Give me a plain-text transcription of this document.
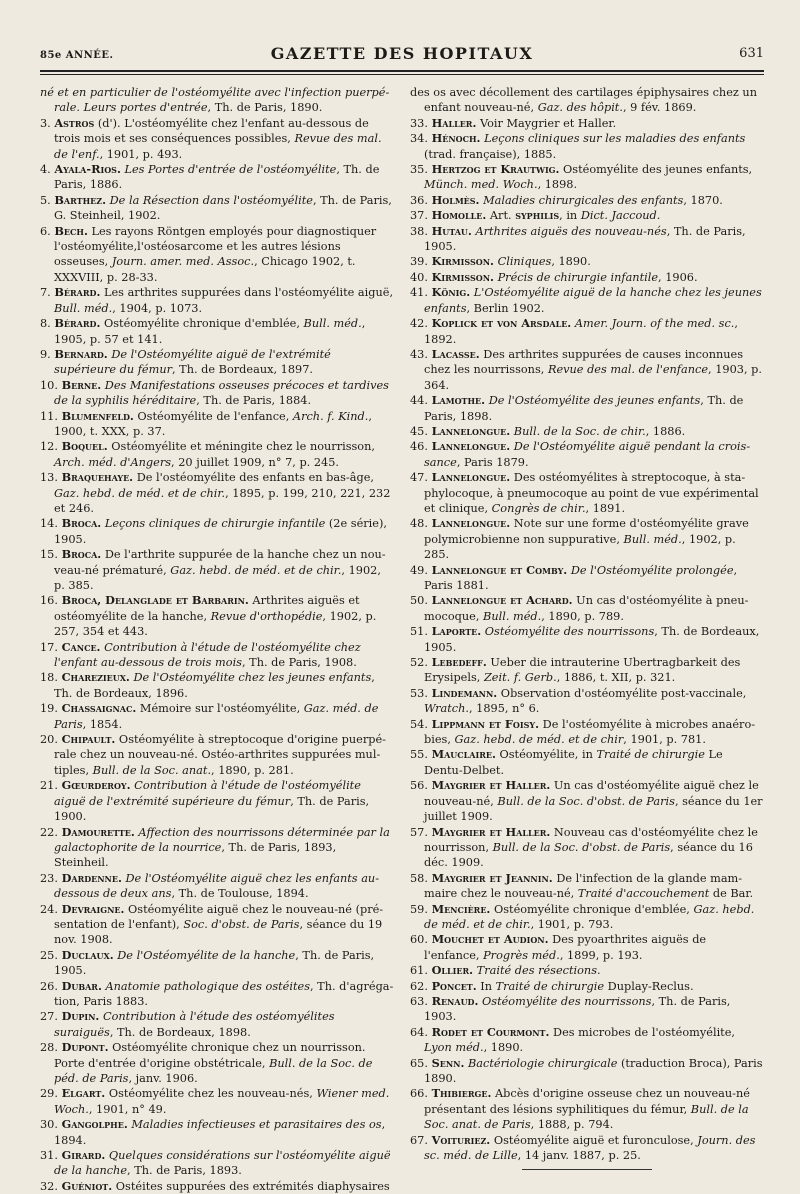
85e ANNÉE.	GAZETTE DES HOPITAUX	631

né et en particulier de l'ostéomyélite avec l'infection puerpé-rale. Leurs portes d'entrée, Th. de Paris, 1890.

3. Astros (d'). L'ostéomyélite chez l'enfant au-dessous de trois mois et ses conséquences possibles, Revue des mal. de l'enf., 1901, p. 493.

4. Ayala-Rios. Les Portes d'entrée de l'ostéomyélite, Th. de Paris, 1886.

5. Barthez. De la Résection dans l'ostéomyélite, Th. de Paris, G. Steinheil, 1902.

6. Bech. Les rayons Röntgen employés pour diagnostiquer l'ostéomyélite,l'ostéosarcome et les autres lésions osseuses, Journ. amer. med. Assoc., Chicago 1902, t. XXXVIII, p. 28-33.

7. Bérard. Les arthrites suppurées dans l'ostéomyélite aiguë, Bull. méd., 1904, p. 1073.

8. Bérard. Ostéomyélite chronique d'emblée, Bull. méd., 1905, p. 57 et 141.

9. Bernard. De l'Ostéomyélite aiguë de l'extrémité supérieure du fémur, Th. de Bordeaux, 1897.

10. Berne. Des Manifestations osseuses précoces et tardives de la syphilis héréditaire, Th. de Paris, 1884.

11. Blumenfeld. Ostéomyélite de l'enfance, Arch. f. Kind., 1900, t. XXX, p. 37.

12. Boquel. Ostéomyélite et méningite chez le nourrisson, Arch. méd. d'Angers, 20 juillet 1909, n° 7, p. 245.

13. Braquehaye. De l'ostéomyélite des enfants en bas-âge, Gaz. hebd. de méd. et de chir., 1895, p. 199, 210, 221, 232 et 246.

14. Broca. Leçons cliniques de chirurgie infantile (2e série), 1905.

15. Broca. De l'arthrite suppurée de la hanche chez un nou-veau-né prématuré, Gaz. hebd. de méd. et de chir., 1902, p. 385.

16. Broca, Delanglade et Barbarin. Arthrites aiguës et ostéomyélite de la hanche, Revue d'orthopédie, 1902, p. 257, 354 et 443.

17. Cance. Contribution à l'étude de l'ostéomyélite chez l'enfant au-dessous de trois mois, Th. de Paris, 1908.

18. Charezieux. De l'Ostéomyélite chez les jeunes enfants, Th. de Bordeaux, 1896.

19. Chassaignac. Mémoire sur l'ostéomyélite, Gaz. méd. de Paris, 1854.

20. Chipault. Ostéomyélite à streptocoque d'origine puerpé-rale chez un nouveau-né. Ostéo-arthrites suppurées mul-tiples, Bull. de la Soc. anat., 1890, p. 281.

21. Gœurderoy. Contribution à l'étude de l'ostéomyélite aiguë de l'extrémité supérieure du fémur, Th. de Paris, 1900.

22. Damourette. Affection des nourrissons déterminée par la galactophorite de la nourrice, Th. de Paris, 1893, Steinheil.

23. Dardenne. De l'Ostéomyélite aiguë chez les enfants au-dessous de deux ans, Th. de Toulouse, 1894.

24. Devraigne. Ostéomyélite aiguë chez le nouveau-né (pré-sentation de l'enfant), Soc. d'obst. de Paris, séance du 19 nov. 1908.

25. Duclaux. De l'Ostéomyélite de la hanche, Th. de Paris, 1905.

26. Dubar. Anatomie pathologique des ostéites, Th. d'agréga-tion, Paris 1883.

27. Dupin. Contribution à l'étude des ostéomyélites suraiguës, Th. de Bordeaux, 1898.

28. Dupont. Ostéomyélite chronique chez un nourrisson. Porte d'entrée d'origine obstétricale, Bull. de la Soc. de péd. de Paris, janv. 1906.

29. Elgart. Ostéomyélite chez les nouveau-nés, Wiener med. Woch., 1901, n° 49.

30. Gangolphe. Maladies infectieuses et parasitaires des os, 1894.

31. Girard. Quelques considérations sur l'ostéomyélite aiguë de la hanche, Th. de Paris, 1893.

32. Guéniot. Ostéites suppurées des extrémités diaphysaires

des os avec décollement des cartilages épiphysaires chez un enfant nouveau-né, Gaz. des hôpit., 9 fév. 1869.

33. Haller. Voir Maygrier et Haller.

34. Hénoch. Leçons cliniques sur les maladies des enfants (trad. française), 1885.

35. Hertzog et Krautwig. Ostéomyélite des jeunes enfants, Münch. med. Woch., 1898.

36. Holmès. Maladies chirurgicales des enfants, 1870.

37. Homolle. Art. syphilis, in Dict. Jaccoud.

38. Hutau. Arthrites aiguës des nouveau-nés, Th. de Paris, 1905.

39. Kirmisson. Cliniques, 1890.

40. Kirmisson. Précis de chirurgie infantile, 1906.

41. König. L'Ostéomyélite aiguë de la hanche chez les jeunes enfants, Berlin 1902.

42. Koplick et von Arsdale. Amer. Journ. of the med. sc., 1892.

43. Lacasse. Des arthrites suppurées de causes inconnues chez les nourrissons, Revue des mal. de l'enfance, 1903, p. 364.

44. Lamothe. De l'Ostéomyélite des jeunes enfants, Th. de Paris, 1898.

45. Lannelongue. Bull. de la Soc. de chir., 1886.

46. Lannelongue. De l'Ostéomyélite aiguë pendant la crois-sance, Paris 1879.

47. Lannelongue. Des ostéomyélites à streptocoque, à sta-phylocoque, à pneumocoque au point de vue expérimental et clinique, Congrès de chir., 1891.

48. Lannelongue. Note sur une forme d'ostéomyélite grave polymicrobienne non suppurative, Bull. méd., 1902, p. 285.

49. Lannelongue et Comby. De l'Ostéomyélite prolongée, Paris 1881.

50. Lannelongue et Achard. Un cas d'ostéomyélite à pneu-mocoque, Bull. méd., 1890, p. 789.

51. Laporte. Ostéomyélite des nourrissons, Th. de Bordeaux, 1905.

52. Lebedeff. Ueber die intrauterine Ubertragbarkeit des Erysipels, Zeit. f. Gerb., 1886, t. XII, p. 321.

53. Lindemann. Observation d'ostéomyélite post-vaccinale, Wratch., 1895, n° 6.

54. Lippmann et Foisy. De l'ostéomyélite à microbes anaéro-bies, Gaz. hebd. de méd. et de chir, 1901, p. 781.

55. Mauclaire. Ostéomyélite, in Traité de chirurgie Le Dentu-Delbet.

56. Maygrier et Haller. Un cas d'ostéomyélite aiguë chez le nouveau-né, Bull. de la Soc. d'obst. de Paris, séance du 1er juillet 1909.

57. Maygrier et Haller. Nouveau cas d'ostéomyélite chez le nourrisson, Bull. de la Soc. d'obst. de Paris, séance du 16 déc. 1909.

58. Maygrier et Jeannin. De l'infection de la glande mam-maire chez le nouveau-né, Traité d'accouchement de Bar.

59. Mencière. Ostéomyélite chronique d'emblée, Gaz. hebd. de méd. et de chir., 1901, p. 793.

60. Mouchet et Audion. Des pyoarthrites aiguës de l'enfance, Progrès méd., 1899, p. 193.

61. Ollier. Traité des résections.

62. Poncet. In Traité de chirurgie Duplay-Reclus.

63. Renaud. Ostéomyélite des nourrissons, Th. de Paris, 1903.

64. Rodet et Courmont. Des microbes de l'ostéomyélite, Lyon méd., 1890.

65. Senn. Bactériologie chirurgicale (traduction Broca), Paris 1890.

66. Thibierge. Abcès d'origine osseuse chez un nouveau-né présentant des lésions syphilitiques du fémur, Bull. de la Soc. anat. de Paris, 1888, p. 794.

67. Voituriez. Ostéomyélite aiguë et furonculose, Journ. des sc. méd. de Lille, 14 janv. 1887, p. 25.
